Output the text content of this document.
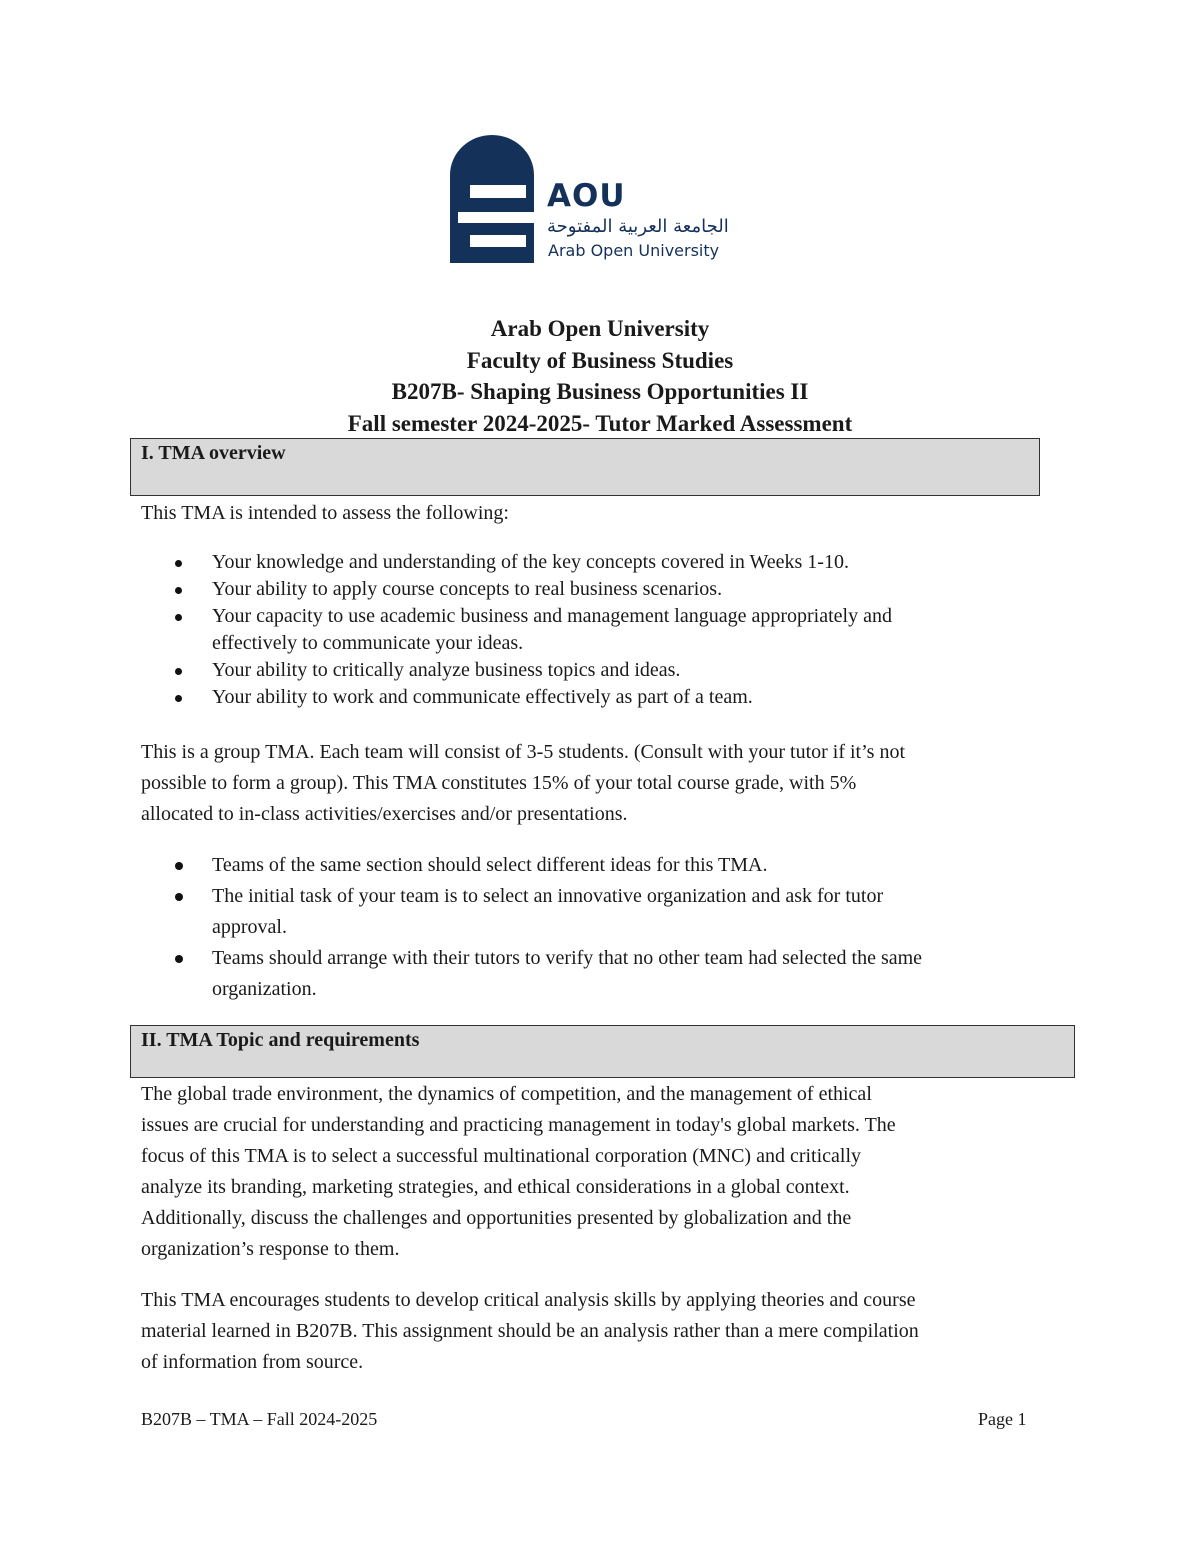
AOU
الجامعة العربية المفتوحة
Arab Open University
Arab Open University
Faculty of Business Studies
B207B- Shaping Business Opportunities II
Fall semester 2024-2025- Tutor Marked Assessment
I. TMA overview
This TMA is intended to assess the following:
Your knowledge and understanding of the key concepts covered in Weeks 1-10.
Your ability to apply course concepts to real business scenarios.
Your capacity to use academic business and management language appropriately and
effectively to communicate your ideas.
Your ability to critically analyze business topics and ideas.
Your ability to work and communicate effectively as part of a team.
This is a group TMA. Each team will consist of 3-5 students. (Consult with your tutor if it’s not
possible to form a group). This TMA constitutes 15% of your total course grade, with 5%
allocated to in-class activities/exercises and/or presentations.
Teams of the same section should select different ideas for this TMA.
The initial task of your team is to select an innovative organization and ask for tutor
approval.
Teams should arrange with their tutors to verify that no other team had selected the same
organization.
II. TMA Topic and requirements
The global trade environment, the dynamics of competition, and the management of ethical
issues are crucial for understanding and practicing management in today's global markets. The
focus of this TMA is to select a successful multinational corporation (MNC) and critically
analyze its branding, marketing strategies, and ethical considerations in a global context.
Additionally, discuss the challenges and opportunities presented by globalization and the
organization’s response to them.
This TMA encourages students to develop critical analysis skills by applying theories and course
material learned in B207B. This assignment should be an analysis rather than a mere compilation
of information from source.
B207B – TMA – Fall 2024-2025	Page 1
